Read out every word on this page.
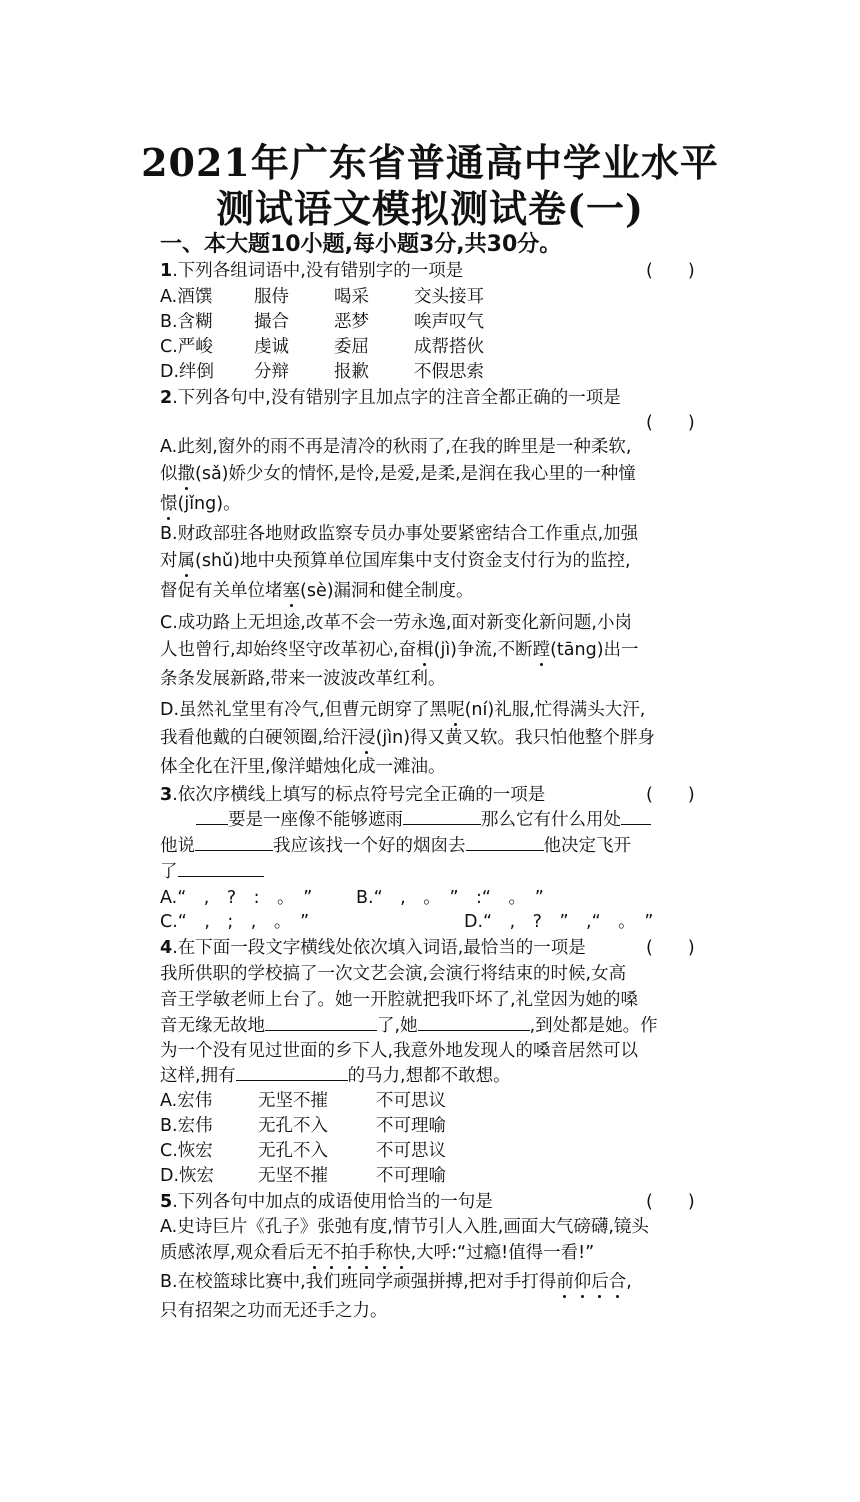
2021年广东省普通高中学业水平
测试语文模拟测试卷(一)
一、本大题10小题,每小题3分,共30分。
1.下列各组词语中,没有错别字的一项是	(　　)
A.酒馔 服侍	喝采	交头接耳
B.含糊 撮合	恶梦	唉声叹气
C.严峻 虔诚	委屈	成帮搭伙
D.绊倒 分辩	报歉	不假思索
2.下列各句中,没有错别字且加点字的注音全都正确的一项是
(　　)
A.此刻,窗外的雨不再是清冷的秋雨了,在我的眸里是一种柔软,
似撒(sǎ)娇少女的情怀,是怜,是爱,是柔,是润在我心里的一种憧
憬(jǐng)。
B.财政部驻各地财政监察专员办事处要紧密结合工作重点,加强
对属(shǔ)地中央预算单位国库集中支付资金支付行为的监控,
督促有关单位堵塞(sè)漏洞和健全制度。
C.成功路上无坦途,改革不会一劳永逸,面对新变化新问题,小岗
人也曾行,却始终坚守改革初心,奋楫(jì)争流,不断蹚(tāng)出一
条条发展新路,带来一波波改革红利。
D.虽然礼堂里有冷气,但曹元朗穿了黑呢(ní)礼服,忙得满头大汗,
我看他戴的白硬领圈,给汗浸(jìn)得又黄又软。我只怕他整个胖身
体全化在汗里,像洋蜡烛化成一滩油。
3.依次序横线上填写的标点符号完全正确的一项是	(　　)
要是一座像不能够遮雨	那么它有什么用处
他说	我应该找一个好的烟囱去	他决定飞开
了
A.“　,　?　:　。　” B.“　,　。　”　:“　。　”
C.“　,　;　,　。　”	D.“　,　?　”　,“　。　”
4.在下面一段文字横线处依次填入词语,最恰当的一项是	(　　)
我所供职的学校搞了一次文艺会演,会演行将结束的时候,女高
音王学敏老师上台了。她一开腔就把我吓坏了,礼堂因为她的嗓
音无缘无故地	了,她	,到处都是她。作
为一个没有见过世面的乡下人,我意外地发现人的嗓音居然可以
这样,拥有	的马力,想都不敢想。
A.宏伟	无坚不摧	不可思议
B.宏伟	无孔不入	不可理喻
C.恢宏	无孔不入	不可思议
D.恢宏	无坚不摧	不可理喻
5.下列各句中加点的成语使用恰当的一句是	(　　)
A.史诗巨片《孔子》张弛有度,情节引人入胜,画面大气磅礴,镜头
质感浓厚,观众看后无不拍手称快,大呼:“过瘾!值得一看!”
B.在校篮球比赛中,我们班同学顽强拼搏,把对手打得前仰后合,
只有招架之功而无还手之力。
